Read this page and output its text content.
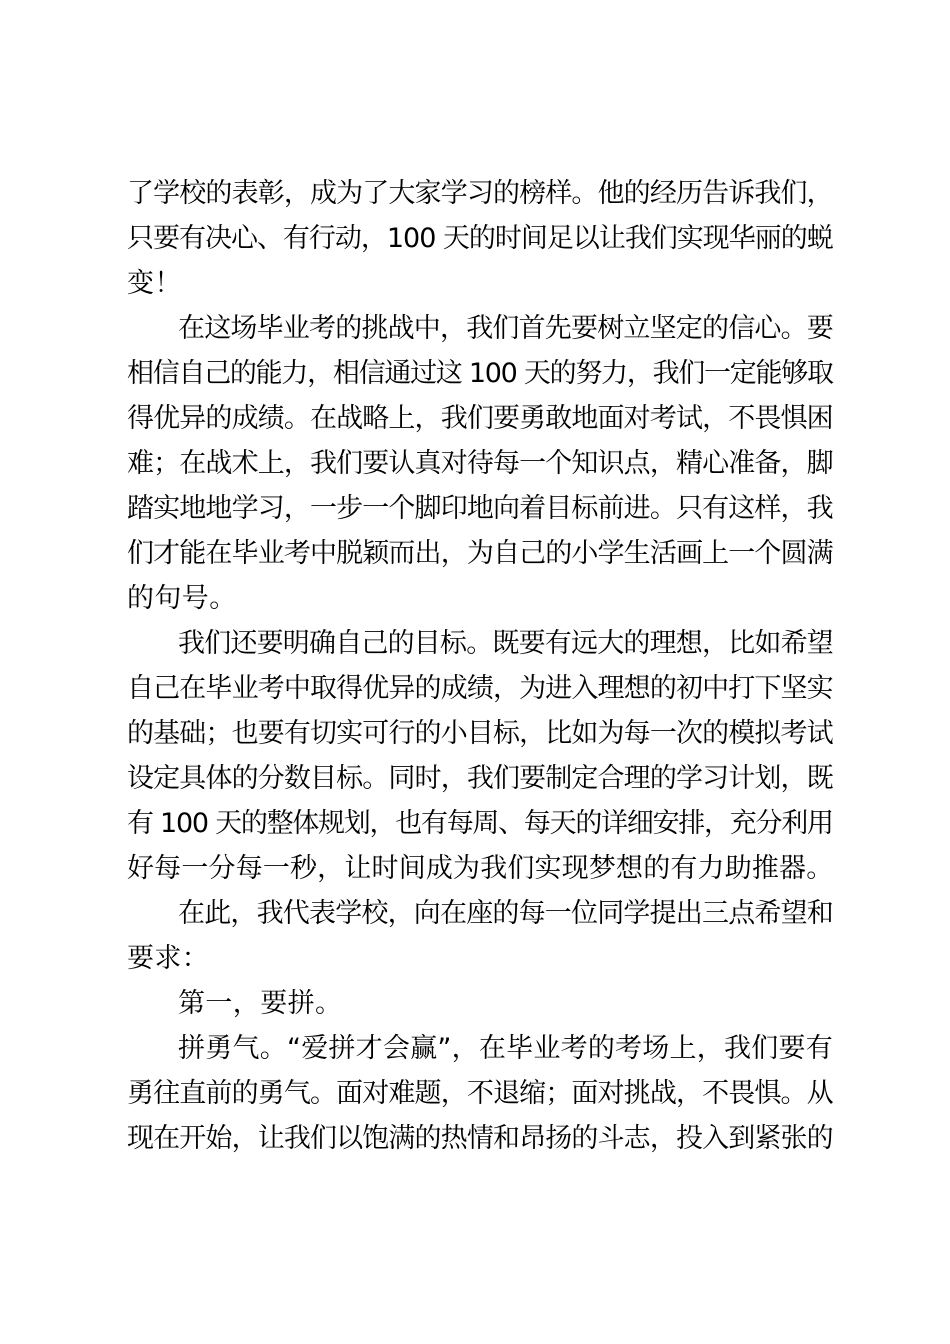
了学校的表彰，成为了大家学习的榜样。他的经历告诉我们，
只要有决心、有行动，100 天的时间足以让我们实现华丽的蜕
变！
在这场毕业考的挑战中，我们首先要树立坚定的信心。要
相信自己的能力，相信通过这 100 天的努力，我们一定能够取
得优异的成绩。在战略上，我们要勇敢地面对考试，不畏惧困
难；在战术上，我们要认真对待每一个知识点，精心准备，脚
踏实地地学习，一步一个脚印地向着目标前进。只有这样，我
们才能在毕业考中脱颖而出，为自己的小学生活画上一个圆满
的句号。
我们还要明确自己的目标。既要有远大的理想，比如希望
自己在毕业考中取得优异的成绩，为进入理想的初中打下坚实
的基础；也要有切实可行的小目标，比如为每一次的模拟考试
设定具体的分数目标。同时，我们要制定合理的学习计划，既
有 100 天的整体规划，也有每周、每天的详细安排，充分利用
好每一分每一秒，让时间成为我们实现梦想的有力助推器。
在此，我代表学校，向在座的每一位同学提出三点希望和
要求：
第一，要拼。
拼勇气。“爱拼才会赢”，在毕业考的考场上，我们要有
勇往直前的勇气。面对难题，不退缩；面对挑战，不畏惧。从
现在开始，让我们以饱满的热情和昂扬的斗志，投入到紧张的
